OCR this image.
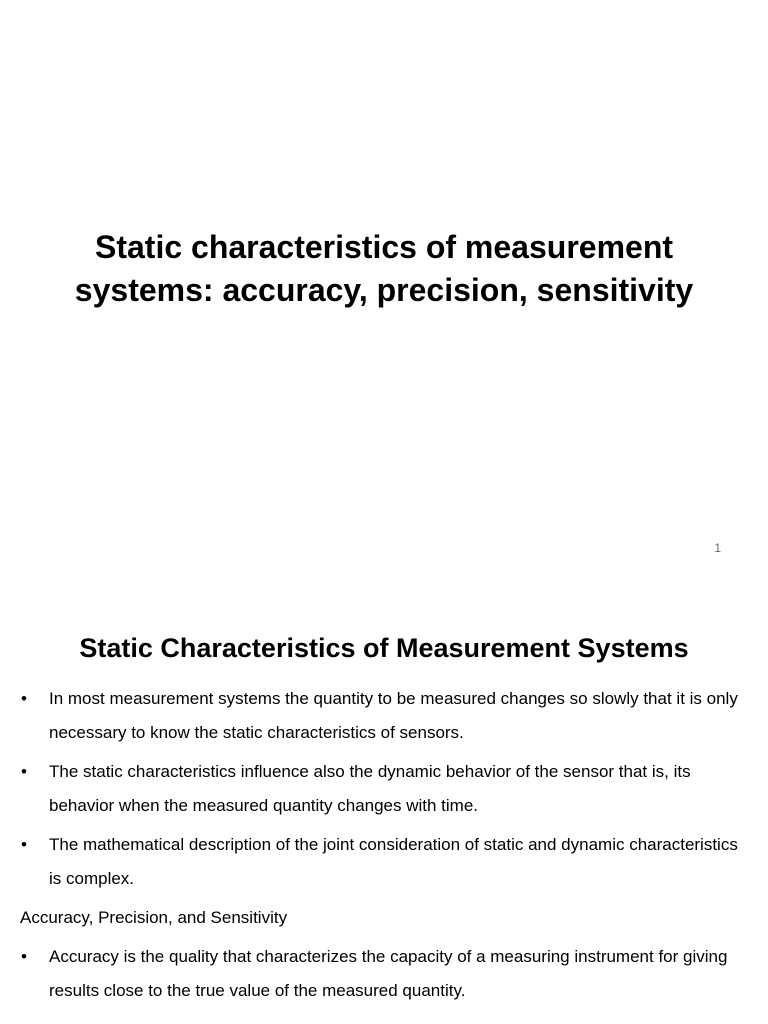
Static characteristics of measurement systems: accuracy, precision, sensitivity
1
Static Characteristics of Measurement Systems
• In most measurement systems the quantity to be measured changes so slowly that it is only necessary to know the static characteristics of sensors.
• The static characteristics influence also the dynamic behavior of the sensor that is, its behavior when the measured quantity changes with time.
• The mathematical description of the joint consideration of static and dynamic characteristics is complex.
Accuracy, Precision, and Sensitivity
• Accuracy is the quality that characterizes the capacity of a measuring instrument for giving results close to the true value of the measured quantity.
